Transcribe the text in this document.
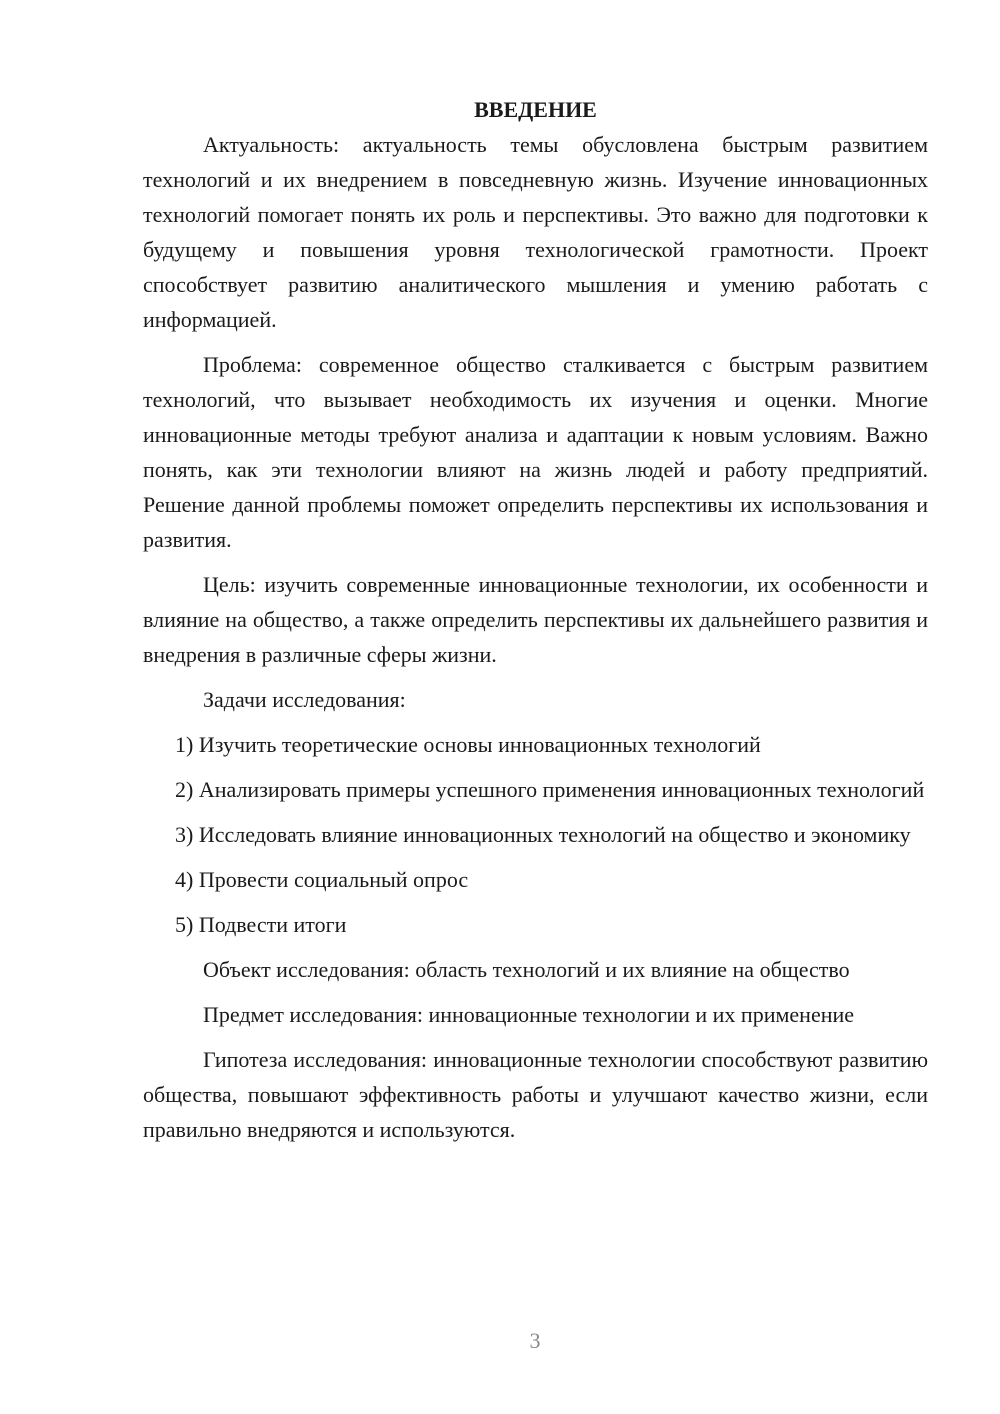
ВВЕДЕНИЕ

Актуальность: актуальность темы обусловлена быстрым развитием технологий и их внедрением в повседневную жизнь. Изучение инновационных технологий помогает понять их роль и перспективы. Это важно для подготовки к будущему и повышения уровня технологической грамотности. Проект способствует развитию аналитического мышления и умению работать с информацией.

Проблема: современное общество сталкивается с быстрым развитием технологий, что вызывает необходимость их изучения и оценки. Многие инновационные методы требуют анализа и адаптации к новым условиям. Важно понять, как эти технологии влияют на жизнь людей и работу предприятий. Решение данной проблемы поможет определить перспективы их использования и развития.

Цель: изучить современные инновационные технологии, их особенности и влияние на общество, а также определить перспективы их дальнейшего развития и внедрения в различные сферы жизни.

Задачи исследования:

1) Изучить теоретические основы инновационных технологий

2) Анализировать примеры успешного применения инновационных технологий

3) Исследовать влияние инновационных технологий на общество и экономику

4) Провести социальный опрос

5) Подвести итоги

Объект исследования: область технологий и их влияние на общество

Предмет исследования: инновационные технологии и их применение

Гипотеза исследования: инновационные технологии способствуют развитию общества, повышают эффективность работы и улучшают качество жизни, если правильно внедряются и используются.

3
